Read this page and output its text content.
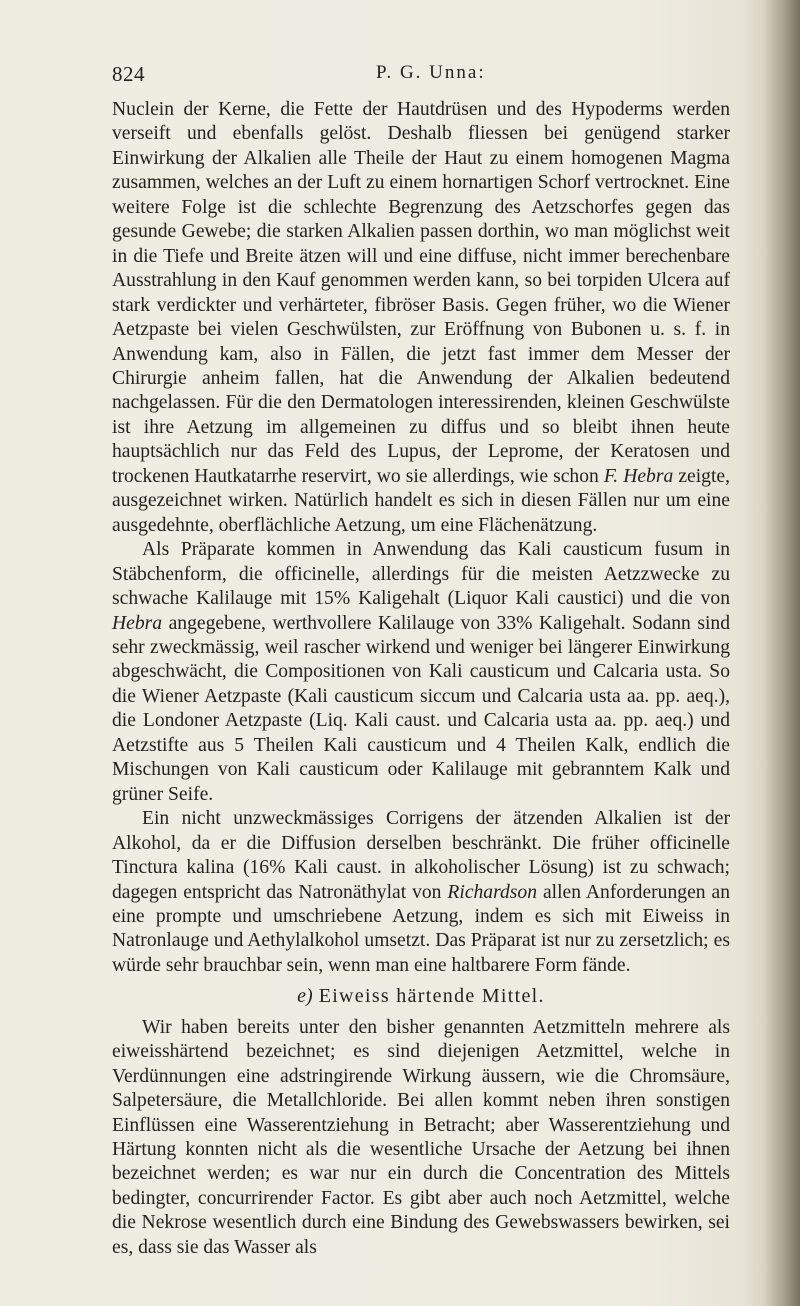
824	P. G. Unna:

Nuclein der Kerne, die Fette der Hautdrüsen und des Hypoderms werden verseift und ebenfalls gelöst. Deshalb fliessen bei genügend starker Einwirkung der Alkalien alle Theile der Haut zu einem homogenen Magma zusammen, welches an der Luft zu einem hornartigen Schorf vertrocknet. Eine weitere Folge ist die schlechte Begrenzung des Aetzschorfes gegen das gesunde Gewebe; die starken Alkalien passen dorthin, wo man möglichst weit in die Tiefe und Breite ätzen will und eine diffuse, nicht immer berechenbare Ausstrahlung in den Kauf genommen werden kann, so bei torpiden Ulcera auf stark verdickter und verhärteter, fibröser Basis. Gegen früher, wo die Wiener Aetzpaste bei vielen Geschwülsten, zur Eröffnung von Bubonen u. s. f. in Anwendung kam, also in Fällen, die jetzt fast immer dem Messer der Chirurgie anheim fallen, hat die Anwendung der Alkalien bedeutend nachgelassen. Für die den Dermatologen interessirenden, kleinen Geschwülste ist ihre Aetzung im allgemeinen zu diffus und so bleibt ihnen heute hauptsächlich nur das Feld des Lupus, der Leprome, der Keratosen und trockenen Hautkatarrhe reservirt, wo sie allerdings, wie schon F. Hebra zeigte, ausgezeichnet wirken. Natürlich handelt es sich in diesen Fällen nur um eine ausgedehnte, oberflächliche Aetzung, um eine Flächenätzung.

Als Präparate kommen in Anwendung das Kali causticum fusum in Stäbchenform, die officinelle, allerdings für die meisten Aetzzwecke zu schwache Kalilauge mit 15% Kaligehalt (Liquor Kali caustici) und die von Hebra angegebene, werthvollere Kalilauge von 33% Kaligehalt. Sodann sind sehr zweckmässig, weil rascher wirkend und weniger bei längerer Einwirkung abgeschwächt, die Compositionen von Kali causticum und Calcaria usta. So die Wiener Aetzpaste (Kali causticum siccum und Calcaria usta aa. pp. aeq.), die Londoner Aetzpaste (Liq. Kali caust. und Calcaria usta aa. pp. aeq.) und Aetzstifte aus 5 Theilen Kali causticum und 4 Theilen Kalk, endlich die Mischungen von Kali causticum oder Kalilauge mit gebranntem Kalk und grüner Seife.

Ein nicht unzweckmässiges Corrigens der ätzenden Alkalien ist der Alkohol, da er die Diffusion derselben beschränkt. Die früher officinelle Tinctura kalina (16% Kali caust. in alkoholischer Lösung) ist zu schwach; dagegen entspricht das Natronäthylat von Richardson allen Anforderungen an eine prompte und umschriebene Aetzung, indem es sich mit Eiweiss in Natronlauge und Aethylalkohol umsetzt. Das Präparat ist nur zu zersetzlich; es würde sehr brauchbar sein, wenn man eine haltbarere Form fände.

e) Eiweiss härtende Mittel.

Wir haben bereits unter den bisher genannten Aetzmitteln mehrere als eiweisshärtend bezeichnet; es sind diejenigen Aetzmittel, welche in Verdünnungen eine adstringirende Wirkung äussern, wie die Chromsäure, Salpetersäure, die Metallchloride. Bei allen kommt neben ihren sonstigen Einflüssen eine Wasserentziehung in Betracht; aber Wasserentziehung und Härtung konnten nicht als die wesentliche Ursache der Aetzung bei ihnen bezeichnet werden; es war nur ein durch die Concentration des Mittels bedingter, concurrirender Factor. Es gibt aber auch noch Aetzmittel, welche die Nekrose wesentlich durch eine Bindung des Gewebswassers bewirken, sei es, dass sie das Wasser als
